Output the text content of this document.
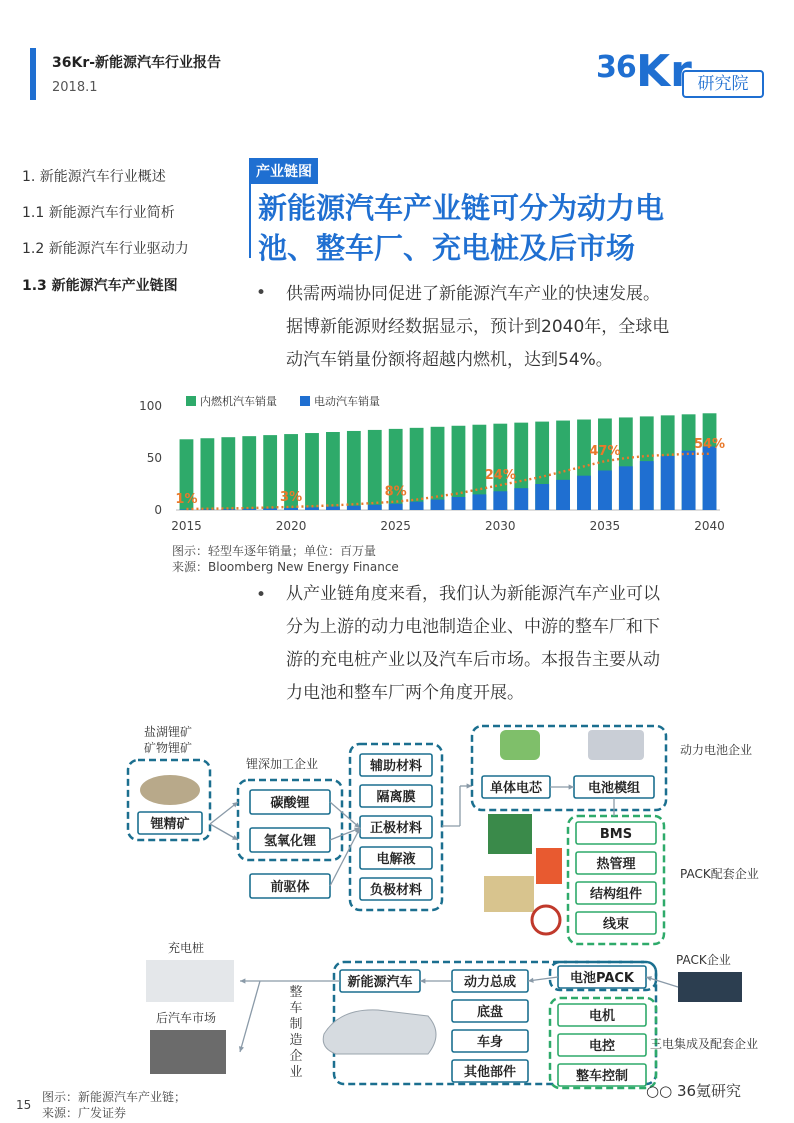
36Kr-新能源汽车行业报告
2018.1
36 Kr 研究院
1. 新能源汽车行业概述
1.1 新能源汽车行业简析
1.2 新能源汽车行业驱动力
1.3 新能源汽车产业链图
产业链图
新能源汽车产业链可分为动力电
池、整车厂、充电桩及后市场
• 供需两端协同促进了新能源汽车产业的快速发展。
据博新能源财经数据显示，预计到2040年，全球电
动汽车销量份额将超越内燃机，达到54%。
0
50
100
1%	3%	8%
24%
47%	54%
2015	2020	2025	2030	2035	2040
内燃机汽车销量	电动汽车销量
图示：轻型车逐年销量；单位：百万量
来源：Bloomberg New Energy Finance
• 从产业链角度来看，我们认为新能源汽车产业可以
分为上游的动力电池制造企业、中游的整车厂和下
游的充电桩产业以及汽车后市场。本报告主要从动
力电池和整车厂两个角度开展。
盐湖锂矿
矿物锂矿
锂精矿
锂深加工企业
碳酸锂
氢氧化锂
前驱体
辅助材料
隔离膜
正极材料
电解液
负极材料
单体电芯	电池模组
动力电池企业
BMS
热管理
结构组件
线束
PACK配套企业
PACK企业
新能源汽车	动力总成
底盘
车身
其他部件
电池PACK
电机
电控
整车控制
三电集成及配套企业
充电桩
后汽车市场
整
车
制
造
企
业
图示：新能源汽车产业链；
来源：广发证券
15
○○ 36氪研究
